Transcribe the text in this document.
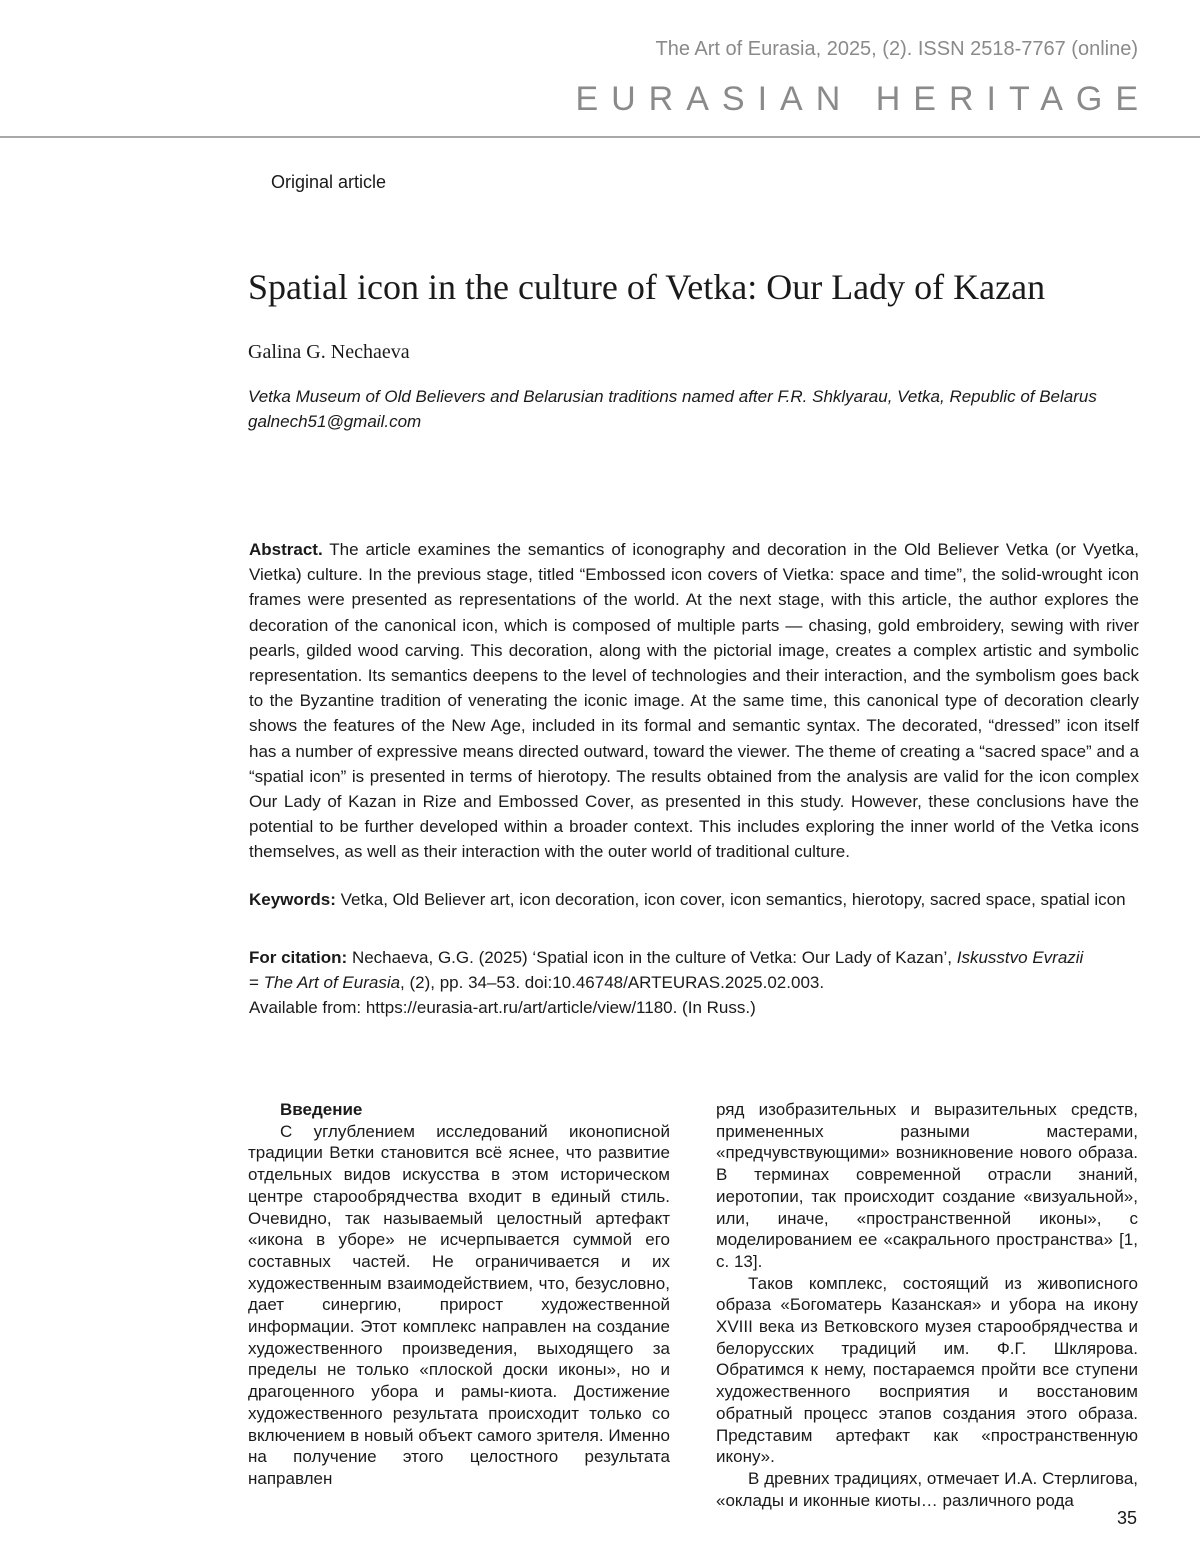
The Art of Eurasia, 2025, (2). ISSN 2518-7767 (online)
EURASIAN HERITAGE
Original article
Spatial icon in the culture of Vetka: Our Lady of Kazan
Galina G. Nechaeva
Vetka Museum of Old Believers and Belarusian traditions named after F.R. Shklyarau, Vetka, Republic of Belarus
galnech51@gmail.com
Abstract. The article examines the semantics of iconography and decoration in the Old Believer Vetka (or Vyetka, Vietka) culture. In the previous stage, titled “Embossed icon covers of Vietka: space and time”, the solid-wrought icon frames were presented as representations of the world. At the next stage, with this article, the author explores the decoration of the canonical icon, which is composed of multiple parts — chasing, gold embroidery, sewing with river pearls, gilded wood carving. This decoration, along with the pictorial image, creates a complex artistic and symbolic representation. Its semantics deepens to the level of technologies and their interaction, and the symbolism goes back to the Byzantine tradition of venerating the iconic image. At the same time, this canonical type of decoration clearly shows the features of the New Age, included in its formal and semantic syntax. The decorated, “dressed” icon itself has a number of expressive means directed outward, toward the viewer. The theme of creating a “sacred space” and a “spatial icon” is presented in terms of hierotopy. The results obtained from the analysis are valid for the icon complex Our Lady of Kazan in Rize and Embossed Cover, as presented in this study. However, these conclusions have the potential to be further developed within a broader context. This includes exploring the inner world of the Vetka icons themselves, as well as their interaction with the outer world of traditional culture.
Keywords: Vetka, Old Believer art, icon decoration, icon cover, icon semantics, hierotopy, sacred space, spatial icon
For citation: Nechaeva, G.G. (2025) ‘Spatial icon in the culture of Vetka: Our Lady of Kazan’, Iskusstvo Evrazii
= The Art of Eurasia, (2), pp. 34–53. doi:10.46748/ARTEURAS.2025.02.003.
Available from: https://eurasia-art.ru/art/article/view/1180. (In Russ.)
Введение

С углублением исследований иконописной традиции Ветки становится всё яснее, что развитие отдельных видов искусства в этом историческом центре старообрядчества входит в единый стиль. Очевидно, так называемый целостный артефакт «икона в уборе» не исчерпывается суммой его составных частей. Не ограничивается и их художественным взаимодействием, что, безусловно, дает синергию, прирост художественной информации. Этот комплекс направлен на создание художественного произведения, выходящего за пределы не только «плоской доски иконы», но и драгоценного убора и рамы-киота. Достижение художественного результата происходит только со включением в новый объект самого зрителя. Именно на получение этого целостного результата направлен

ряд изобразительных и выразительных средств, примененных разными мастерами, «предчувствующими» возникновение нового образа. В терминах современной отрасли знаний, иеротопии, так происходит создание «визуальной», или, иначе, «пространственной иконы», с моделированием ее «сакрального пространства» [1, с. 13].

Таков комплекс, состоящий из живописного образа «Богоматерь Казанская» и убора на икону XVIII века из Ветковского музея старообрядчества и белорусских традиций им. Ф.Г. Шклярова. Обратимся к нему, постараемся пройти все ступени художественного восприятия и восстановим обратный процесс этапов создания этого образа. Представим артефакт как «пространственную икону».

В древних традициях, отмечает И.А. Стерлигова, «оклады и иконные киоты… различного рода

35
